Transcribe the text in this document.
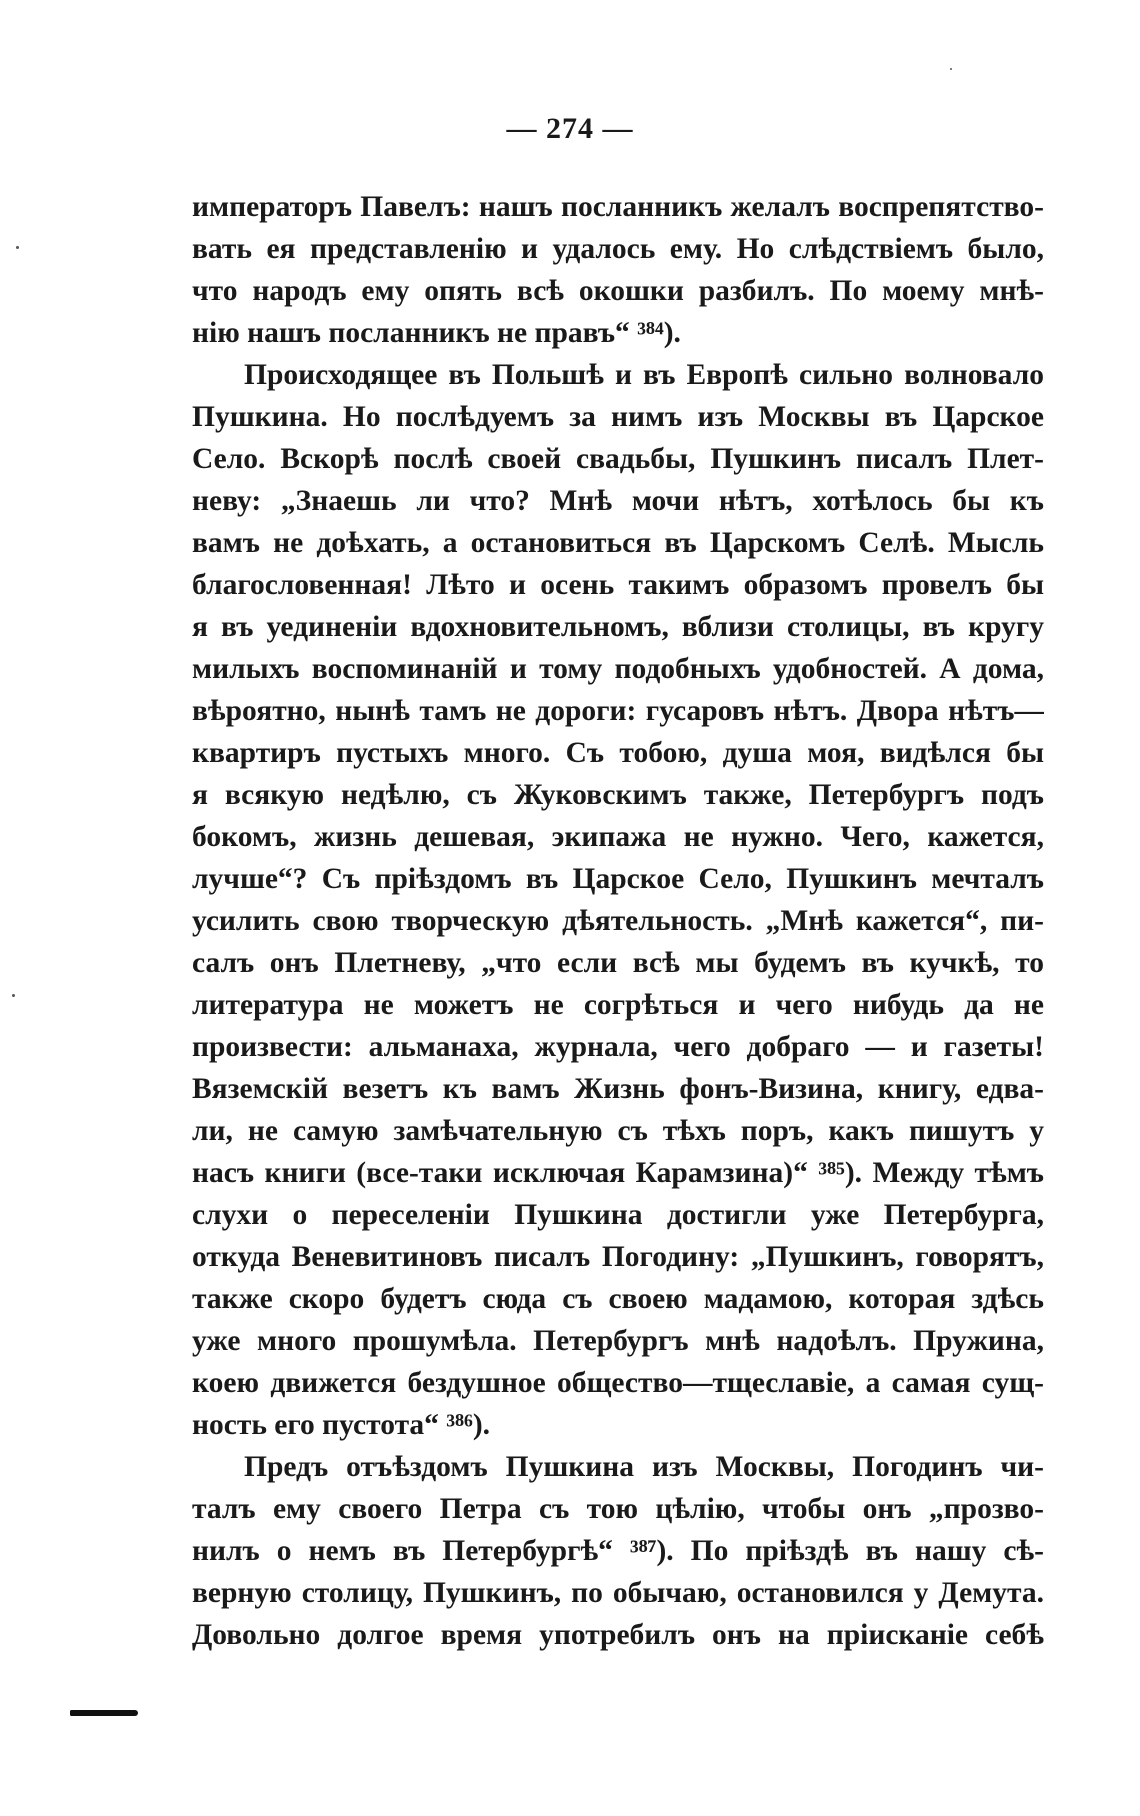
— 274 —
императоръ Павелъ: нашъ посланникъ желалъ воспрепятство-
вать ея представленію и удалось ему. Но слѣдствіемъ было,
что народъ ему опять всѣ окошки разбилъ. По моему мнѣ-
нію нашъ посланникъ не правъ“ ³⁸⁴).
Происходящее въ Польшѣ и въ Европѣ сильно волновало
Пушкина. Но послѣдуемъ за нимъ изъ Москвы въ Царское
Село. Вскорѣ послѣ своей свадьбы, Пушкинъ писалъ Плет-
неву: „Знаешь ли что? Мнѣ мочи нѣтъ, хотѣлось бы къ
вамъ не доѣхать, а остановиться въ Царскомъ Селѣ. Мысль
благословенная! Лѣто и осень такимъ образомъ провелъ бы
я въ уединеніи вдохновительномъ, вблизи столицы, въ кругу
милыхъ воспоминаній и тому подобныхъ удобностей. А дома,
вѣроятно, нынѣ тамъ не дороги: гусаровъ нѣтъ. Двора нѣтъ—
квартиръ пустыхъ много. Съ тобою, душа моя, видѣлся бы
я всякую недѣлю, съ Жуковскимъ также, Петербургъ подъ
бокомъ, жизнь дешевая, экипажа не нужно. Чего, кажется,
лучше“? Съ пріѣздомъ въ Царское Село, Пушкинъ мечталъ
усилить свою творческую дѣятельность. „Мнѣ кажется“, пи-
салъ онъ Плетневу, „что если всѣ мы будемъ въ кучкѣ, то
литература не можетъ не согрѣться и чего нибудь да не
произвести: альманаха, журнала, чего добраго — и газеты!
Вяземскій везетъ къ вамъ Жизнь фонъ-Визина, книгу, едва-
ли, не самую замѣчательную съ тѣхъ поръ, какъ пишутъ у
насъ книги (все-таки исключая Карамзина)“ ³⁸⁵). Между тѣмъ
слухи о переселеніи Пушкина достигли уже Петербурга,
откуда Веневитиновъ писалъ Погодину: „Пушкинъ, говорятъ,
также скоро будетъ сюда съ своею мадамою, которая здѣсь
уже много прошумѣла. Петербургъ мнѣ надоѣлъ. Пружина,
коею движется бездушное общество—тщеславіе, а самая сущ-
ность его пустота“ ³⁸⁶).
Предъ отъѣздомъ Пушкина изъ Москвы, Погодинъ чи-
талъ ему своего Петра съ тою цѣлію, чтобы онъ „прозво-
нилъ о немъ въ Петербургѣ“ ³⁸⁷). По пріѣздѣ въ нашу сѣ-
верную столицу, Пушкинъ, по обычаю, остановился у Демута.
Довольно долгое время употребилъ онъ на пріисканіе себѣ
